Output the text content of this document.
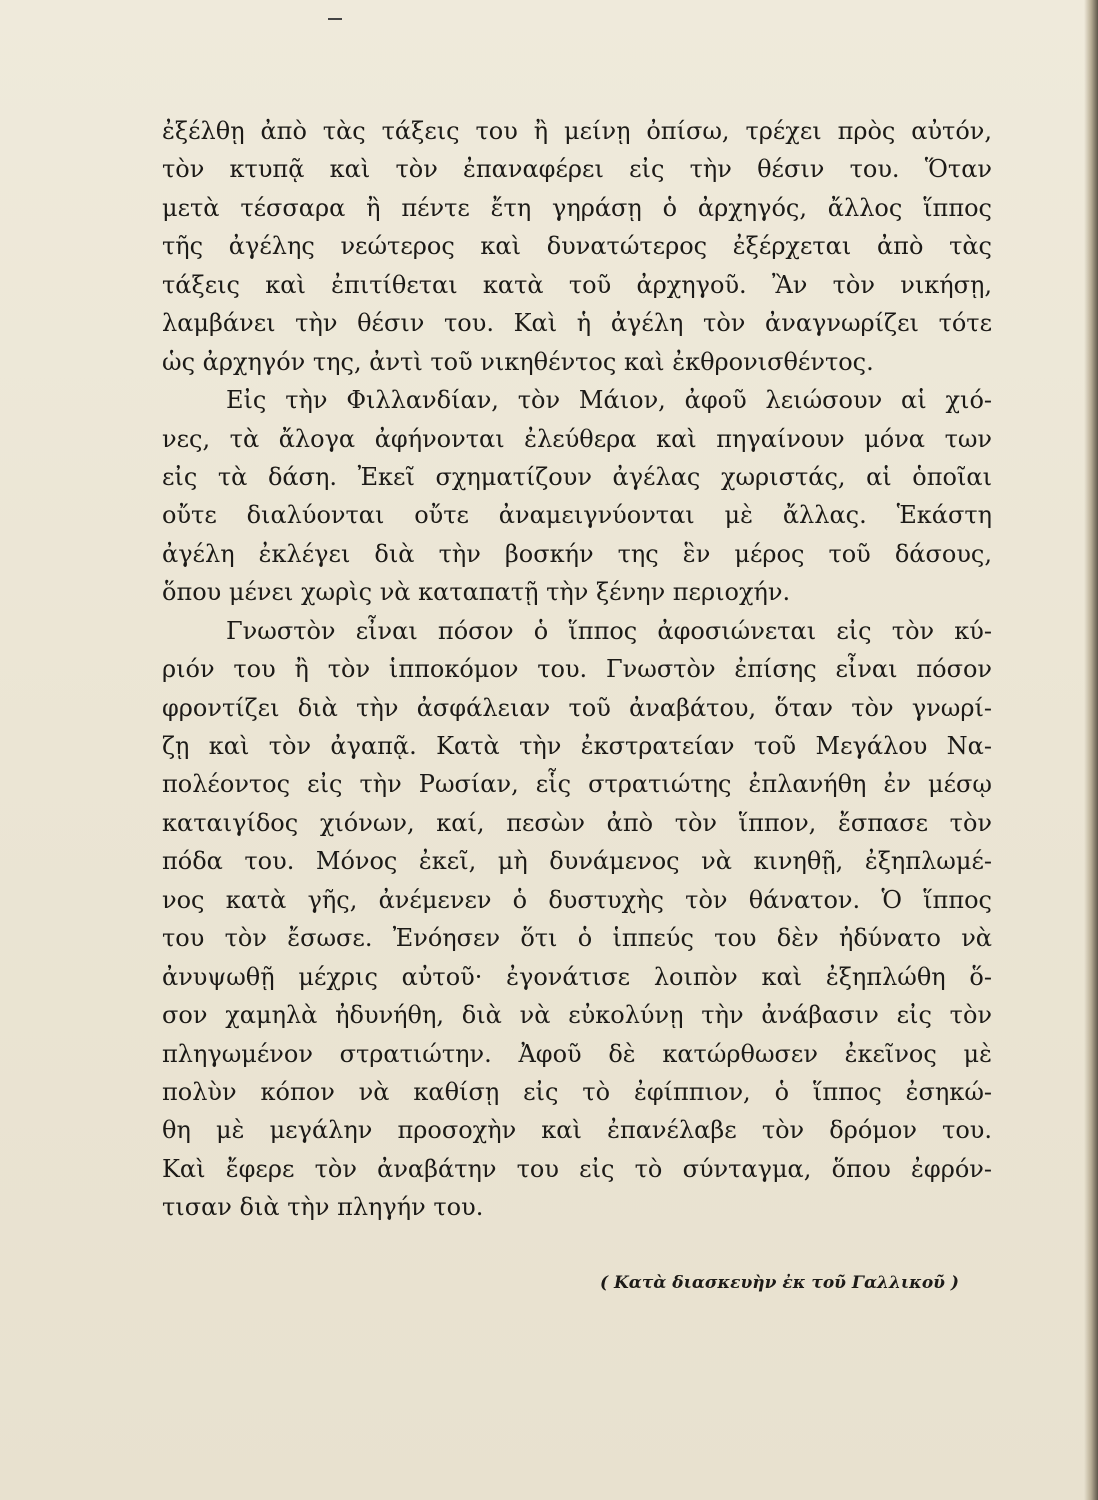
ἐξέλθῃ ἀπὸ τὰς τάξεις του ἢ μείνῃ ὀπίσω, τρέχει πρὸς αὐτόν,
τὸν κτυπᾷ καὶ τὸν ἐπαναφέρει εἰς τὴν θέσιν του. Ὅταν
μετὰ τέσσαρα ἢ πέντε ἔτη γηράσῃ ὁ ἀρχηγός, ἄλλος ἵππος
τῆς ἀγέλης νεώτερος καὶ δυνατώτερος ἐξέρχεται ἀπὸ τὰς
τάξεις καὶ ἐπιτίθεται κατὰ τοῦ ἀρχηγοῦ. Ἂν τὸν νικήσῃ,
λαμβάνει τὴν θέσιν του. Καὶ ἡ ἀγέλη τὸν ἀναγνωρίζει τότε
ὡς ἀρχηγόν της, ἀντὶ τοῦ νικηθέντος καὶ ἐκθρονισθέντος.
Εἰς τὴν Φιλλανδίαν, τὸν Μάιον, ἀφοῦ λειώσουν αἱ χιό-
νες, τὰ ἄλογα ἀφήνονται ἐλεύθερα καὶ πηγαίνουν μόνα των
εἰς τὰ δάση. Ἐκεῖ σχηματίζουν ἀγέλας χωριστάς, αἱ ὁποῖαι
οὔτε διαλύονται οὔτε ἀναμειγνύονται μὲ ἄλλας. Ἑκάστη
ἀγέλη ἐκλέγει διὰ τὴν βοσκήν της ἓν μέρος τοῦ δάσους,
ὅπου μένει χωρὶς νὰ καταπατῇ τὴν ξένην περιοχήν.
Γνωστὸν εἶναι πόσον ὁ ἵππος ἀφοσιώνεται εἰς τὸν κύ-
ριόν του ἢ τὸν ἱπποκόμον του. Γνωστὸν ἐπίσης εἶναι πόσον
φροντίζει διὰ τὴν ἀσφάλειαν τοῦ ἀναβάτου, ὅταν τὸν γνωρί-
ζῃ καὶ τὸν ἀγαπᾷ. Κατὰ τὴν ἐκστρατείαν τοῦ Μεγάλου Να-
πολέοντος εἰς τὴν Ρωσίαν, εἷς στρατιώτης ἐπλανήθη ἐν μέσῳ
καταιγίδος χιόνων, καί, πεσὼν ἀπὸ τὸν ἵππον, ἔσπασε τὸν
πόδα του. Μόνος ἐκεῖ, μὴ δυνάμενος νὰ κινηθῇ, ἐξηπλωμέ-
νος κατὰ γῆς, ἀνέμενεν ὁ δυστυχὴς τὸν θάνατον. Ὁ ἵππος
του τὸν ἔσωσε. Ἐνόησεν ὅτι ὁ ἱππεύς του δὲν ἠδύνατο νὰ
ἀνυψωθῇ μέχρις αὐτοῦ· ἐγονάτισε λοιπὸν καὶ ἐξηπλώθη ὅ-
σον χαμηλὰ ἠδυνήθη, διὰ νὰ εὐκολύνῃ τὴν ἀνάβασιν εἰς τὸν
πληγωμένον στρατιώτην. Ἀφοῦ δὲ κατώρθωσεν ἐκεῖνος μὲ
πολὺν κόπον νὰ καθίσῃ εἰς τὸ ἐφίππιον, ὁ ἵππος ἐσηκώ-
θη μὲ μεγάλην προσοχὴν καὶ ἐπανέλαβε τὸν δρόμον του.
Καὶ ἔφερε τὸν ἀναβάτην του εἰς τὸ σύνταγμα, ὅπου ἐφρόν-
τισαν διὰ τὴν πληγήν του.
( Κατὰ διασκευὴν ἐκ τοῦ Γαλλικοῦ )
